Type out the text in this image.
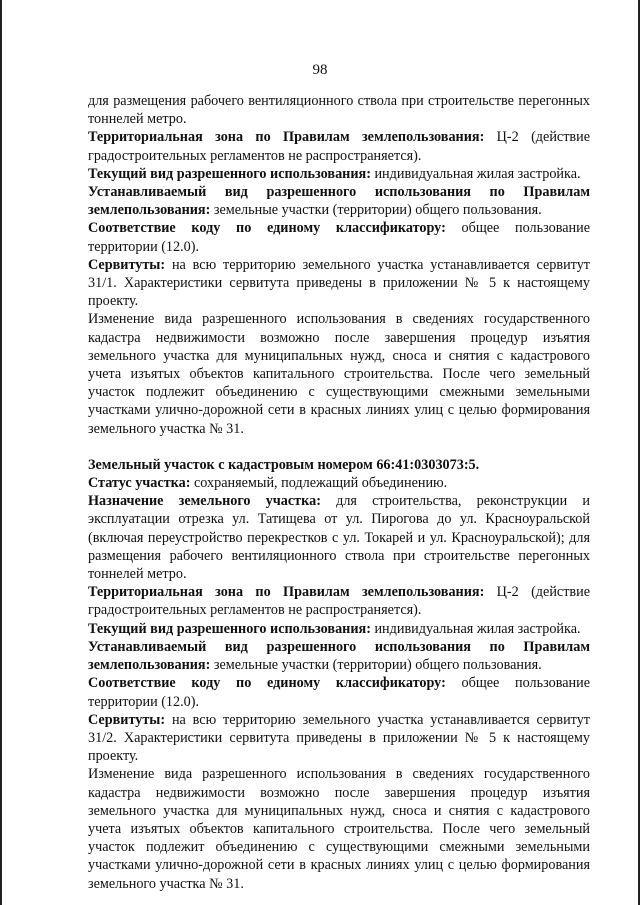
98

для размещения рабочего вентиляционного ствола при строительстве перегонных тоннелей метро.

Территориальная зона по Правилам землепользования: Ц-2 (действие градостроительных регламентов не распространяется).

Текущий вид разрешенного использования: индивидуальная жилая застройка.

Устанавливаемый вид разрешенного использования по Правилам землепользования: земельные участки (территории) общего пользования.

Соответствие коду по единому классификатору: общее пользование территории (12.0).

Сервитуты: на всю территорию земельного участка устанавливается сервитут 31/1. Характеристики сервитута приведены в приложении № 5 к настоящему проекту.

Изменение вида разрешенного использования в сведениях государственного кадастра недвижимости возможно после завершения процедур изъятия земельного участка для муниципальных нужд, сноса и снятия с кадастрового учета изъятых объектов капитального строительства. После чего земельный участок подлежит объединению с существующими смежными земельными участками улично-дорожной сети в красных линиях улиц с целью формирования земельного участка № 31.

Земельный участок с кадастровым номером 66:41:0303073:5.

Статус участка: сохраняемый, подлежащий объединению.

Назначение земельного участка: для строительства, реконструкции и эксплуатации отрезка ул. Татищева от ул. Пирогова до ул. Красноуральской (включая переустройство перекрестков с ул. Токарей и ул. Красноуральской); для размещения рабочего вентиляционного ствола при строительстве перегонных тоннелей метро.

Территориальная зона по Правилам землепользования: Ц-2 (действие градостроительных регламентов не распространяется).

Текущий вид разрешенного использования: индивидуальная жилая застройка.

Устанавливаемый вид разрешенного использования по Правилам землепользования: земельные участки (территории) общего пользования.

Соответствие коду по единому классификатору: общее пользование территории (12.0).

Сервитуты: на всю территорию земельного участка устанавливается сервитут 31/2. Характеристики сервитута приведены в приложении № 5 к настоящему проекту.

Изменение вида разрешенного использования в сведениях государственного кадастра недвижимости возможно после завершения процедур изъятия земельного участка для муниципальных нужд, сноса и снятия с кадастрового учета изъятых объектов капитального строительства. После чего земельный участок подлежит объединению с существующими смежными земельными участками улично-дорожной сети в красных линиях улиц с целью формирования земельного участка № 31.
